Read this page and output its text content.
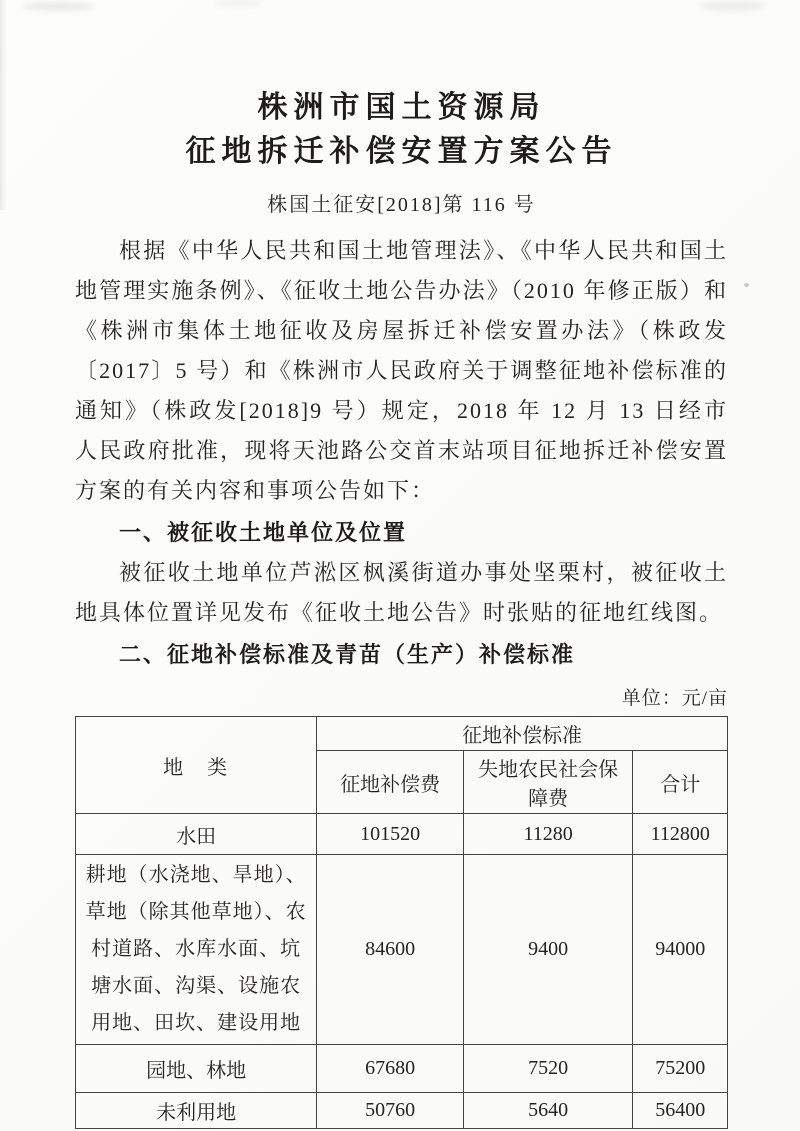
株洲市国土资源局
征地拆迁补偿安置方案公告
株国土征安[2018]第 116 号

根据《中华人民共和国土地管理法》、《中华人民共和国土地管理实施条例》、《征收土地公告办法》（2010 年修正版）和《株洲市集体土地征收及房屋拆迁补偿安置办法》（株政发〔2017〕5 号）和《株洲市人民政府关于调整征地补偿标准的通知》（株政发[2018]9 号）规定，2018 年 12 月 13 日经市人民政府批准，现将天池路公交首末站项目征地拆迁补偿安置方案的有关内容和事项公告如下：

一、被征收土地单位及位置

被征收土地单位芦淞区枫溪街道办事处坚栗村，被征收土地具体位置详见发布《征收土地公告》时张贴的征地红线图。

二、征地补偿标准及青苗（生产）补偿标准

单位：元/亩
地　类	征地补偿标准		
	征地补偿费	失地农民社会保障费	合计
水田	101520	11280	112800
耕地（水浇地、旱地）、草地（除其他草地）、农村道路、水库水面、坑塘水面、沟渠、设施农用地、田坎、建设用地	84600	9400	94000
园地、林地	67680	7520	75200
未利用地	50760	5640	56400
